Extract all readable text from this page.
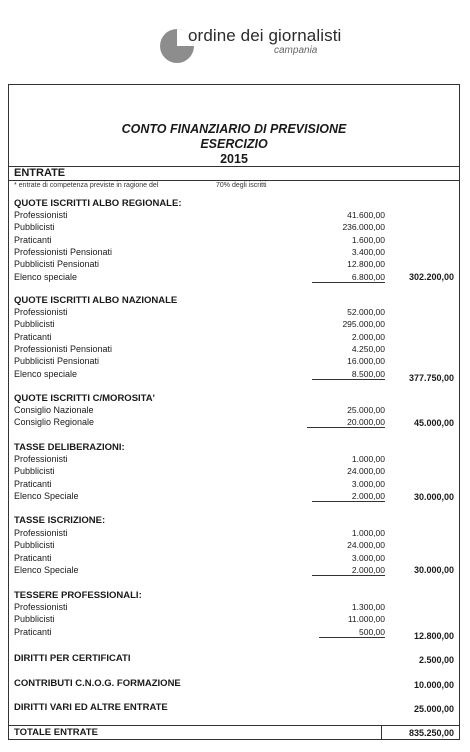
ordine dei giornalisti
campania
CONTO FINANZIARIO DI PREVISIONE
ESERCIZIO
2015
ENTRATE
* entrate di competenza previste in ragione del	70% degli iscritti
QUOTE ISCRITTI ALBO REGIONALE:
Professionisti	41.600,00
Pubblicisti	236.000,00
Praticanti	1.600,00
Professionisti Pensionati	3.400,00
Pubblicisti Pensionati	12.800,00
Elenco speciale	6.800,00	302.200,00
QUOTE ISCRITTI ALBO NAZIONALE
Professionisti	52.000,00
Pubblicisti	295.000,00
Praticanti	2.000,00
Professionisti Pensionati	4.250,00
Pubblicisti Pensionati	16.000,00
Elenco speciale	8.500,00	377.750,00
QUOTE ISCRITTI C/MOROSITA'
Consiglio Nazionale	25.000,00
Consiglio Regionale	20.000,00	45.000,00
TASSE DELIBERAZIONI:
Professionisti	1.000,00
Pubblicisti	24.000,00
Praticanti	3.000,00
Elenco Speciale	2.000,00	30.000,00
TASSE ISCRIZIONE:
Professionisti	1.000,00
Pubblicisti	24.000,00
Praticanti	3.000,00
Elenco Speciale	2.000,00	30.000,00
TESSERE PROFESSIONALI:
Professionisti	1.300,00
Pubblicisti	11.000,00
Praticanti	500,00	12.800,00
DIRITTI PER CERTIFICATI	2.500,00
CONTRIBUTI C.N.O.G. FORMAZIONE	10.000,00
DIRITTI VARI ED ALTRE ENTRATE	25.000,00
TOTALE ENTRATE	835.250,00
